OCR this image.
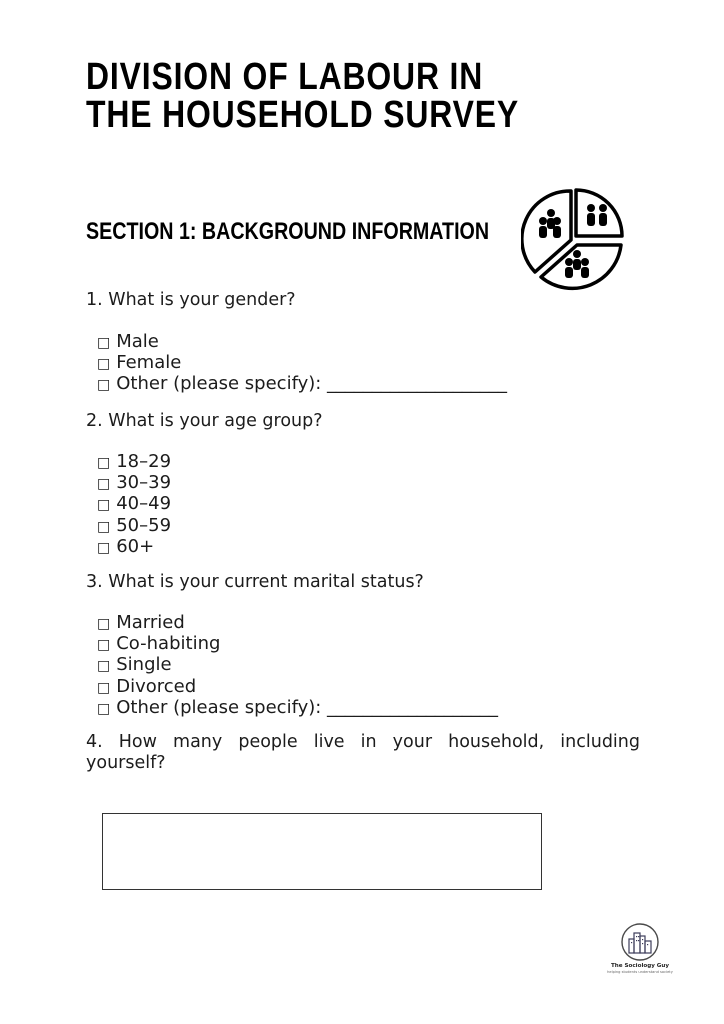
DIVISION OF LABOUR IN
THE HOUSEHOLD SURVEY
SECTION 1: BACKGROUND INFORMATION

1. What is your gender?

□ Male
□ Female
□ Other (please specify): ____________________

2. What is your age group?

□ 18–29
□ 30–39
□ 40–49
□ 50–59
□ 60+

3. What is your current marital status?

□ Married
□ Co-habiting
□ Single
□ Divorced
□ Other (please specify): ___________________

4. How many people live in your household, including yourself?

The Sociology Guy
helping students understand society
